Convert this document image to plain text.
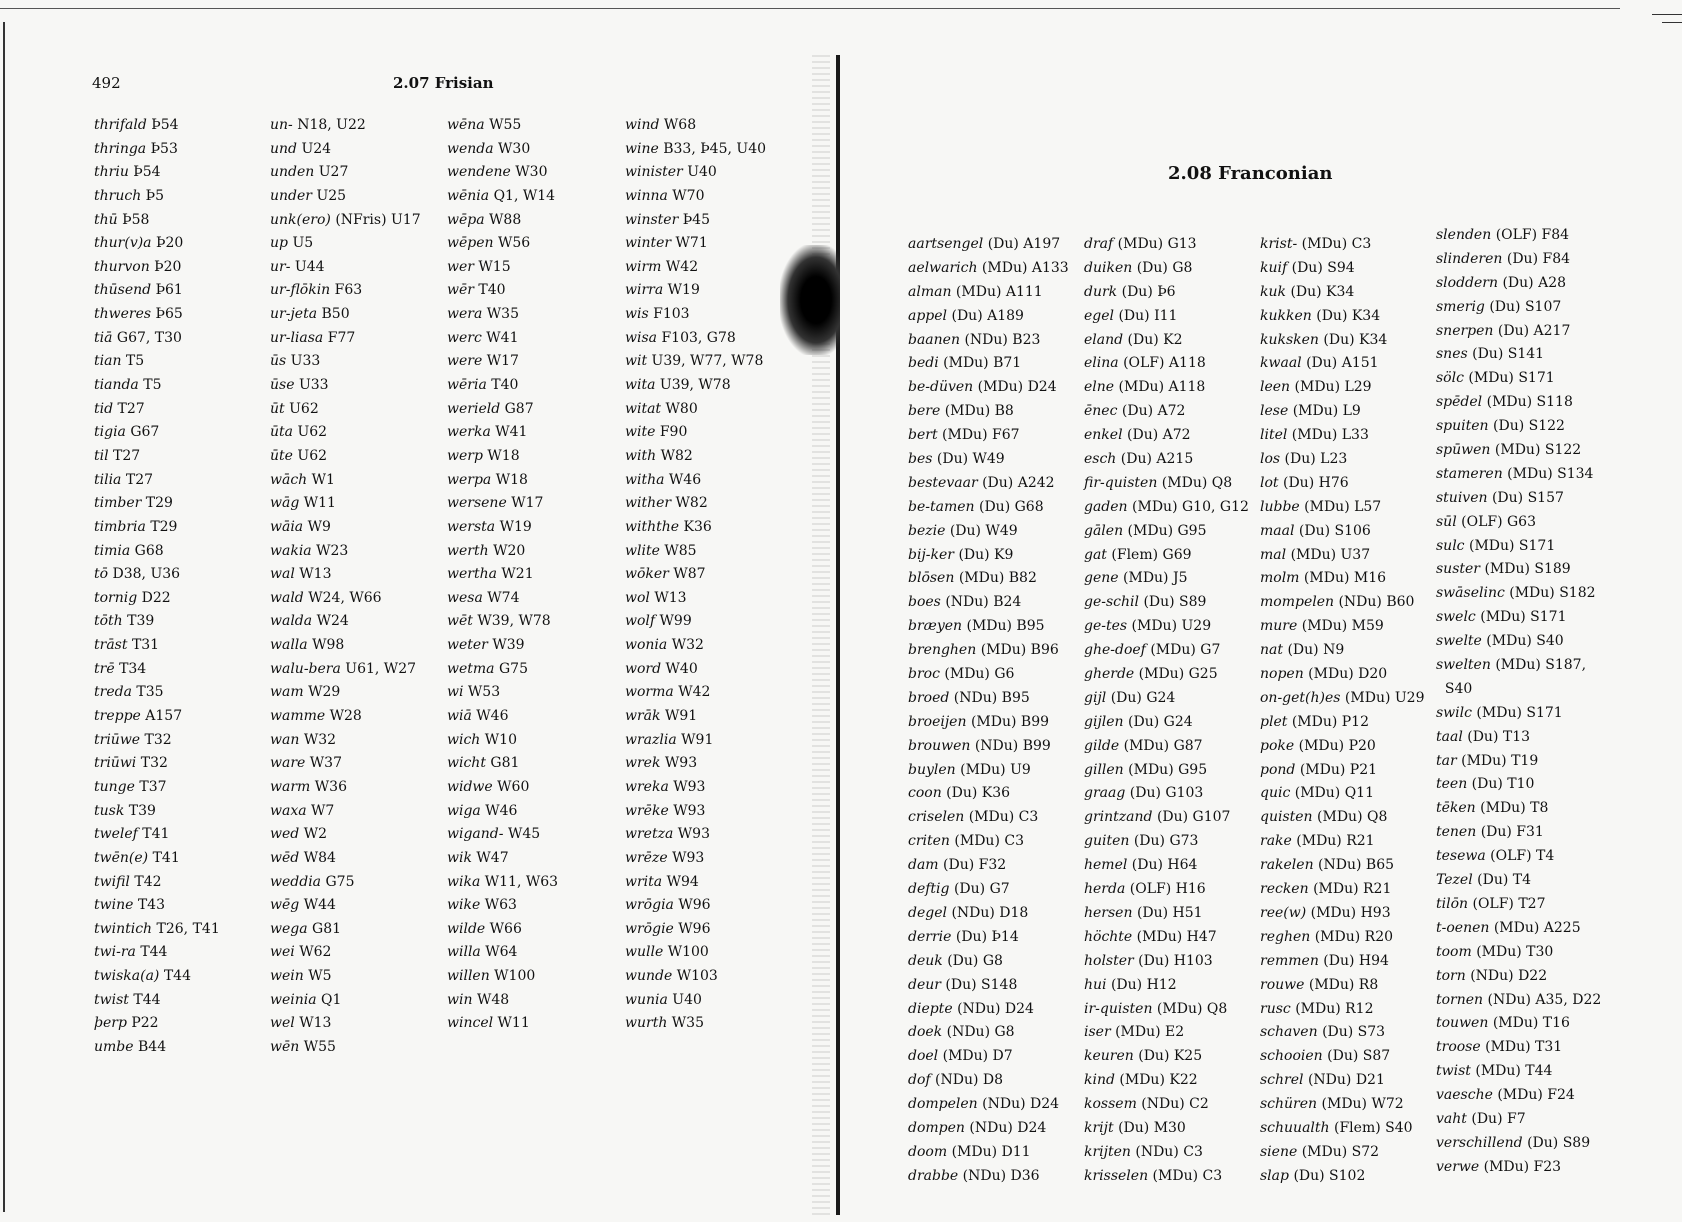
492	2.07 Frisian
2.08 Franconian
thrifald Þ54
thringa Þ53
thriu Þ54
thruch Þ5
thū Þ58
thur(v)a Þ20
thurvon Þ20
thūsend Þ61
thweres Þ65
tiā G67, T30
tian T5
tianda T5
tid T27
tigia G67
til T27
tilia T27
timber T29
timbria T29
timia G68
tō D38, U36
tornig D22
tōth T39
trāst T31
trē T34
treda T35
treppe A157
triūwe T32
triūwi T32
tunge T37
tusk T39
twelef T41
twēn(e) T41
twifil T42
twine T43
twintich T26, T41
twi-ra T44
twiska(a) T44
twist T44
þerp P22
umbe B44
un- N18, U22
und U24
unden U27
under U25
unk(ero) (NFris) U17
up U5
ur- U44
ur-flōkin F63
ur-jeta B50
ur-liasa F77
ūs U33
ūse U33
ūt U62
ūta U62
ūte U62
wāch W1
wāg W11
wāia W9
wakia W23
wal W13
wald W24, W66
walda W24
walla W98
walu-bera U61, W27
wam W29
wamme W28
wan W32
ware W37
warm W36
waxa W7
wed W2
wēd W84
weddia G75
wēg W44
wega G81
wei W62
wein W5
weinia Q1
wel W13
wēn W55
wēna W55
wenda W30
wendene W30
wēnia Q1, W14
wēpa W88
wēpen W56
wer W15
wēr T40
wera W35
werc W41
were W17
wēria T40
werield G87
werka W41
werp W18
werpa W18
wersene W17
wersta W19
werth W20
wertha W21
wesa W74
wēt W39, W78
weter W39
wetma G75
wi W53
wiā W46
wich W10
wicht G81
widwe W60
wiga W46
wigand- W45
wik W47
wika W11, W63
wike W63
wilde W66
willa W64
willen W100
win W48
wincel W11
wind W68
wine B33, Þ45, U40
winister U40
winna W70
winster Þ45
winter W71
wirm W42
wirra W19
wis F103
wisa F103, G78
wit U39, W77, W78
wita U39, W78
witat W80
wite F90
with W82
witha W46
wither W82
withthe K36
wlite W85
wōker W87
wol W13
wolf W99
wonia W32
word W40
worma W42
wrāk W91
wrazlia W91
wrek W93
wreka W93
wrēke W93
wretza W93
wrēze W93
writa W94
wrōgia W96
wrōgie W96
wulle W100
wunde W103
wunia U40
wurth W35
aartsengel (Du) A197
aelwarich (MDu) A133
alman (MDu) A111
appel (Du) A189
baanen (NDu) B23
bedi (MDu) B71
be-düven (MDu) D24
bere (MDu) B8
bert (MDu) F67
bes (Du) W49
bestevaar (Du) A242
be-tamen (Du) G68
bezie (Du) W49
bij-ker (Du) K9
blōsen (MDu) B82
boes (NDu) B24
bræyen (MDu) B95
brenghen (MDu) B96
broc (MDu) G6
broed (NDu) B95
broeijen (MDu) B99
brouwen (NDu) B99
buylen (MDu) U9
coon (Du) K36
criselen (MDu) C3
criten (MDu) C3
dam (Du) F32
deftig (Du) G7
degel (NDu) D18
derrie (Du) Þ14
deuk (Du) G8
deur (Du) S148
diepte (NDu) D24
doek (NDu) G8
doel (MDu) D7
dof (NDu) D8
dompelen (NDu) D24
dompen (NDu) D24
doom (MDu) D11
drabbe (NDu) D36
draf (MDu) G13
duiken (Du) G8
durk (Du) Þ6
egel (Du) I11
eland (Du) K2
elina (OLF) A118
elne (MDu) A118
ēnec (Du) A72
enkel (Du) A72
esch (Du) A215
fir-quisten (MDu) Q8
gaden (MDu) G10, G12
gālen (MDu) G95
gat (Flem) G69
gene (MDu) J5
ge-schil (Du) S89
ge-tes (MDu) U29
ghe-doef (MDu) G7
gherde (MDu) G25
gijl (Du) G24
gijlen (Du) G24
gilde (MDu) G87
gillen (MDu) G95
graag (Du) G103
grintzand (Du) G107
guiten (Du) G73
hemel (Du) H64
herda (OLF) H16
hersen (Du) H51
höchte (MDu) H47
holster (Du) H103
hui (Du) H12
ir-quisten (MDu) Q8
iser (MDu) E2
keuren (Du) K25
kind (MDu) K22
kossem (NDu) C2
krijt (Du) M30
krijten (NDu) C3
krisselen (MDu) C3
krist- (MDu) C3
kuif (Du) S94
kuk (Du) K34
kukken (Du) K34
kuksken (Du) K34
kwaal (Du) A151
leen (MDu) L29
lese (MDu) L9
litel (MDu) L33
los (Du) L23
lot (Du) H76
lubbe (MDu) L57
maal (Du) S106
mal (MDu) U37
molm (MDu) M16
mompelen (NDu) B60
mure (MDu) M59
nat (Du) N9
nopen (MDu) D20
on-get(h)es (MDu) U29
plet (MDu) P12
poke (MDu) P20
pond (MDu) P21
quic (MDu) Q11
quisten (MDu) Q8
rake (MDu) R21
rakelen (NDu) B65
recken (MDu) R21
ree(w) (MDu) H93
reghen (MDu) R20
remmen (Du) H94
rouwe (MDu) R8
rusc (MDu) R12
schaven (Du) S73
schooien (Du) S87
schrel (NDu) D21
schüren (MDu) W72
schuualth (Flem) S40
siene (MDu) S72
slap (Du) S102
slenden (OLF) F84
slinderen (Du) F84
sloddern (Du) A28
smerig (Du) S107
snerpen (Du) A217
snes (Du) S141
sölc (MDu) S171
spēdel (MDu) S118
spuiten (Du) S122
spūwen (MDu) S122
stameren (MDu) S134
stuiven (Du) S157
sūl (OLF) G63
sulc (MDu) S171
suster (MDu) S189
swāselinc (MDu) S182
swelc (MDu) S171
swelte (MDu) S40
swelten (MDu) S187,
S40
swilc (MDu) S171
taal (Du) T13
tar (MDu) T19
teen (Du) T10
tēken (MDu) T8
tenen (Du) F31
tesewa (OLF) T4
Tezel (Du) T4
tilōn (OLF) T27
t-oenen (MDu) A225
toom (MDu) T30
torn (NDu) D22
tornen (NDu) A35, D22
touwen (MDu) T16
troose (MDu) T31
twist (MDu) T44
vaesche (MDu) F24
vaht (Du) F7
verschillend (Du) S89
verwe (MDu) F23
